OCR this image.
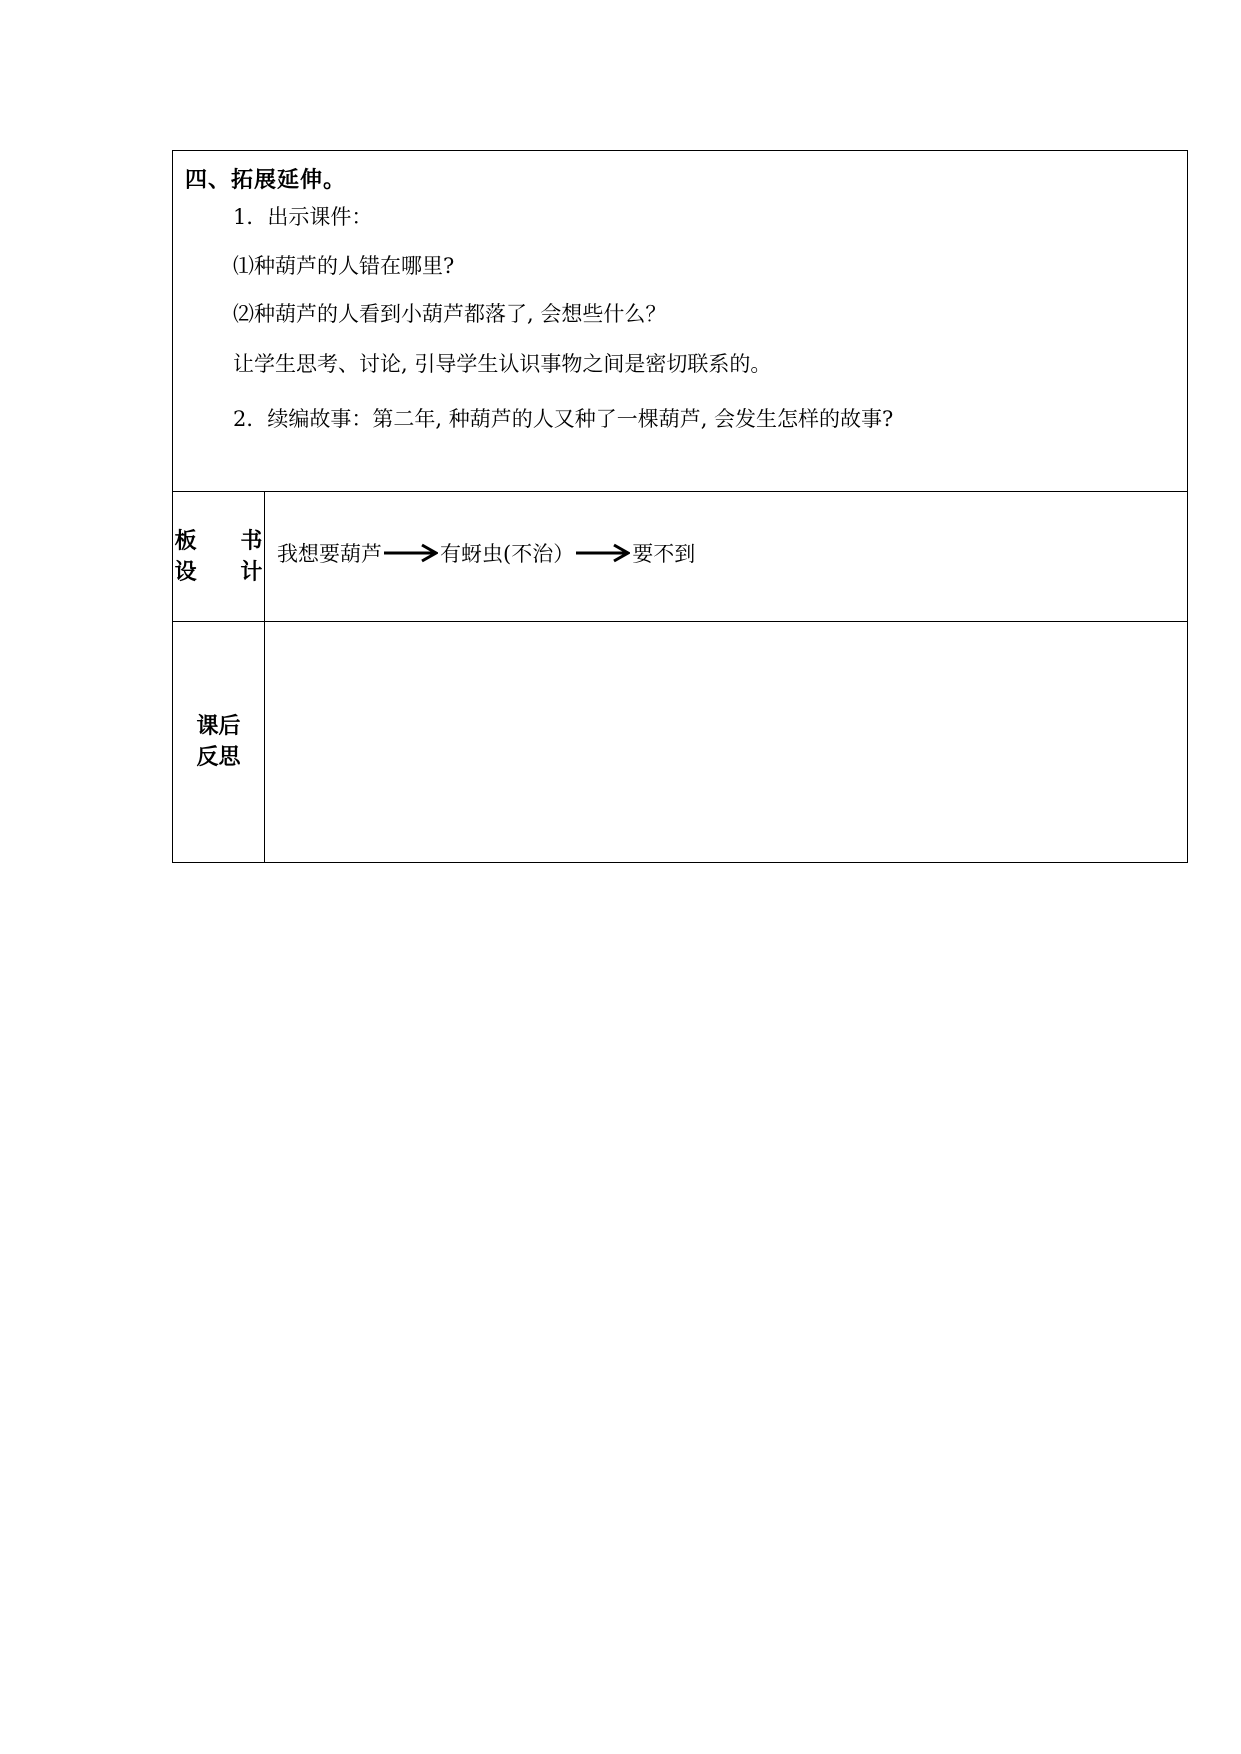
四、拓展延伸。
1．出示课件：
⑴种葫芦的人错在哪里?
⑵种葫芦的人看到小葫芦都落了, 会想些什么？
让学生思考、讨论, 引导学生认识事物之间是密切联系的。
2．续编故事：第二年, 种葫芦的人又种了一棵葫芦, 会发生怎样的故事?
板 书
设 计
我想要葫芦	有蚜虫(不治）	要不到
课后
反思
